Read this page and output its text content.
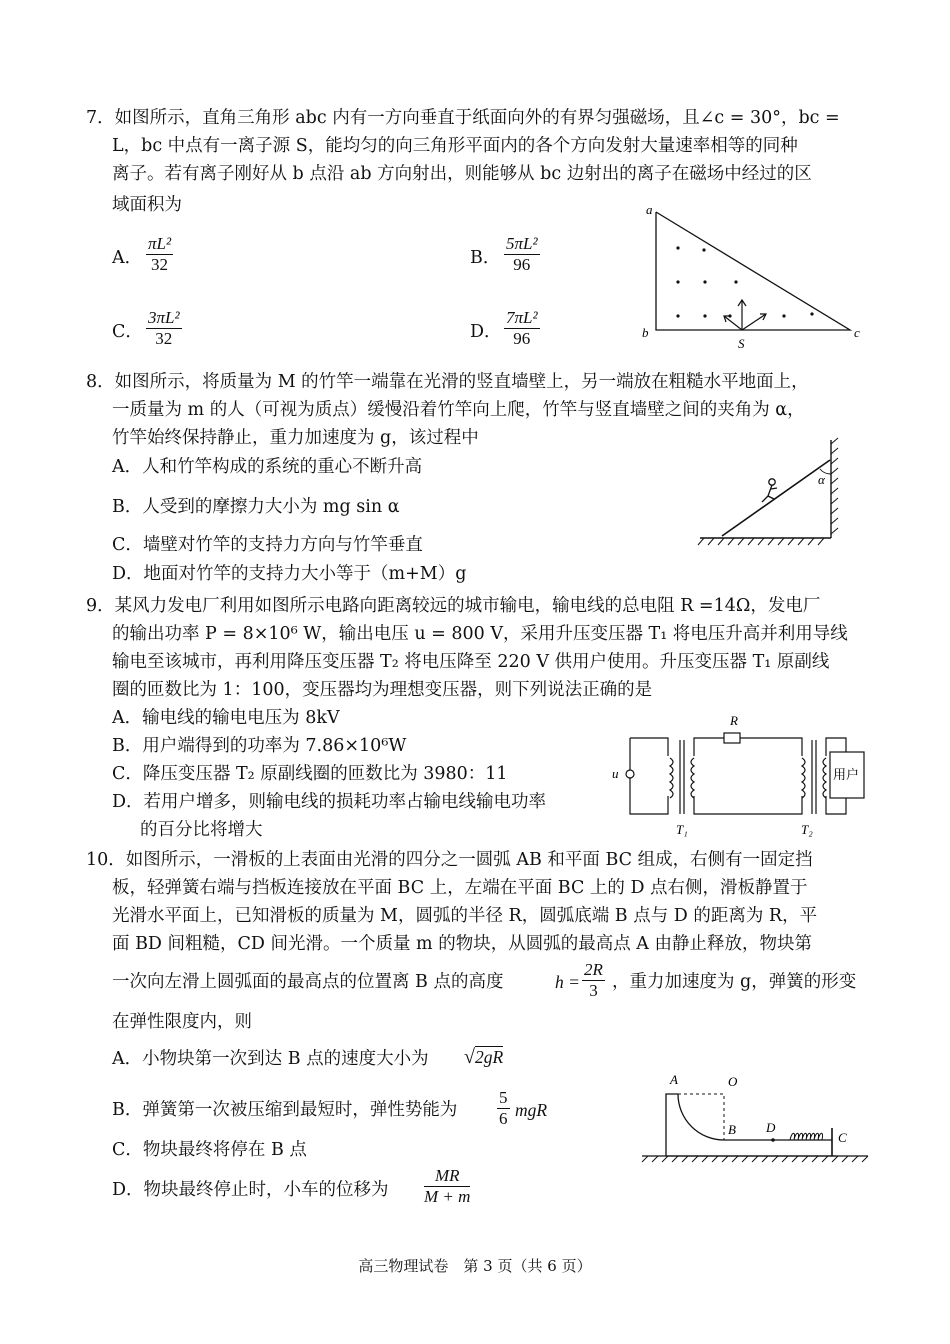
7．如图所示，直角三角形 abc 内有一方向垂直于纸面向外的有界匀强磁场，且∠c = 30°，bc =
L，bc 中点有一离子源 S，能均匀的向三角形平面内的各个方向发射大量速率相等的同种
离子。若有离子刚好从 b 点沿 ab 方向射出，则能够从 bc 边射出的离子在磁场中经过的区
域面积为
A． $\frac{\text{πL²}}{32}$	B． $\frac{\text{5πL²}}{96}$
C． $\frac{\text{3πL²}}{32}$	D． $\frac{\text{7πL²}}{96}$
a
b	c
S
8．如图所示，将质量为 M 的竹竿一端靠在光滑的竖直墙壁上，另一端放在粗糙水平地面上，
一质量为 m 的人（可视为质点）缓慢沿着竹竿向上爬，竹竿与竖直墙壁之间的夹角为 α，
竹竿始终保持静止，重力加速度为 g，该过程中
A．人和竹竿构成的系统的重心不断升高
B．人受到的摩擦力大小为 mg sin α
C．墙壁对竹竿的支持力方向与竹竿垂直
D．地面对竹竿的支持力大小等于（m+M）g
α
9．某风力发电厂利用如图所示电路向距离较远的城市输电，输电线的总电阻 R =14Ω，发电厂
的输出功率 P = 8×10⁶ W，输出电压 u = 800 V，采用升压变压器 T₁ 将电压升高并利用导线
输电至该城市，再利用降压变压器 T₂ 将电压降至 220 V 供用户使用。升压变压器 T₁ 原副线
圈的匝数比为 1：100，变压器均为理想变压器，则下列说法正确的是
A．输电线的输电电压为 8kV
B．用户端得到的功率为 7.86×10⁶W
C．降压变压器 T₂ 原副线圈的匝数比为 3980：11
D．若用户增多，则输电线的损耗功率占输电线输电功率
的百分比将增大
u
R
用户
T₁	T₂
10．如图所示，一滑板的上表面由光滑的四分之一圆弧 AB 和平面 BC 组成，右侧有一固定挡
板，轻弹簧右端与挡板连接放在平面 BC 上，左端在平面 BC 上的 D 点右侧，滑板静置于
光滑水平面上，已知滑板的质量为 M，圆弧的半径 R，圆弧底端 B 点与 D 的距离为 R，平
面 BD 间粗糙，CD 间光滑。一个质量 m 的物块，从圆弧的最高点 A 由静止释放，物块第
一次向左滑上圆弧面的最高点的位置离 B 点的高度	$h = \frac{2R}{3}$ ，重力加速度为 g，弹簧的形变
在弹性限度内，则
A．小物块第一次到达 B 点的速度大小为 √2gR
B．弹簧第一次被压缩到最短时，弹性势能为 $\frac{5}{6}$ mgR
C．物块最终将停在 B 点
D．物块最终停止时，小车的位移为 $\frac{MR}{M + m}$
A	O
B D
C
高三物理试卷　第 3 页（共 6 页）
